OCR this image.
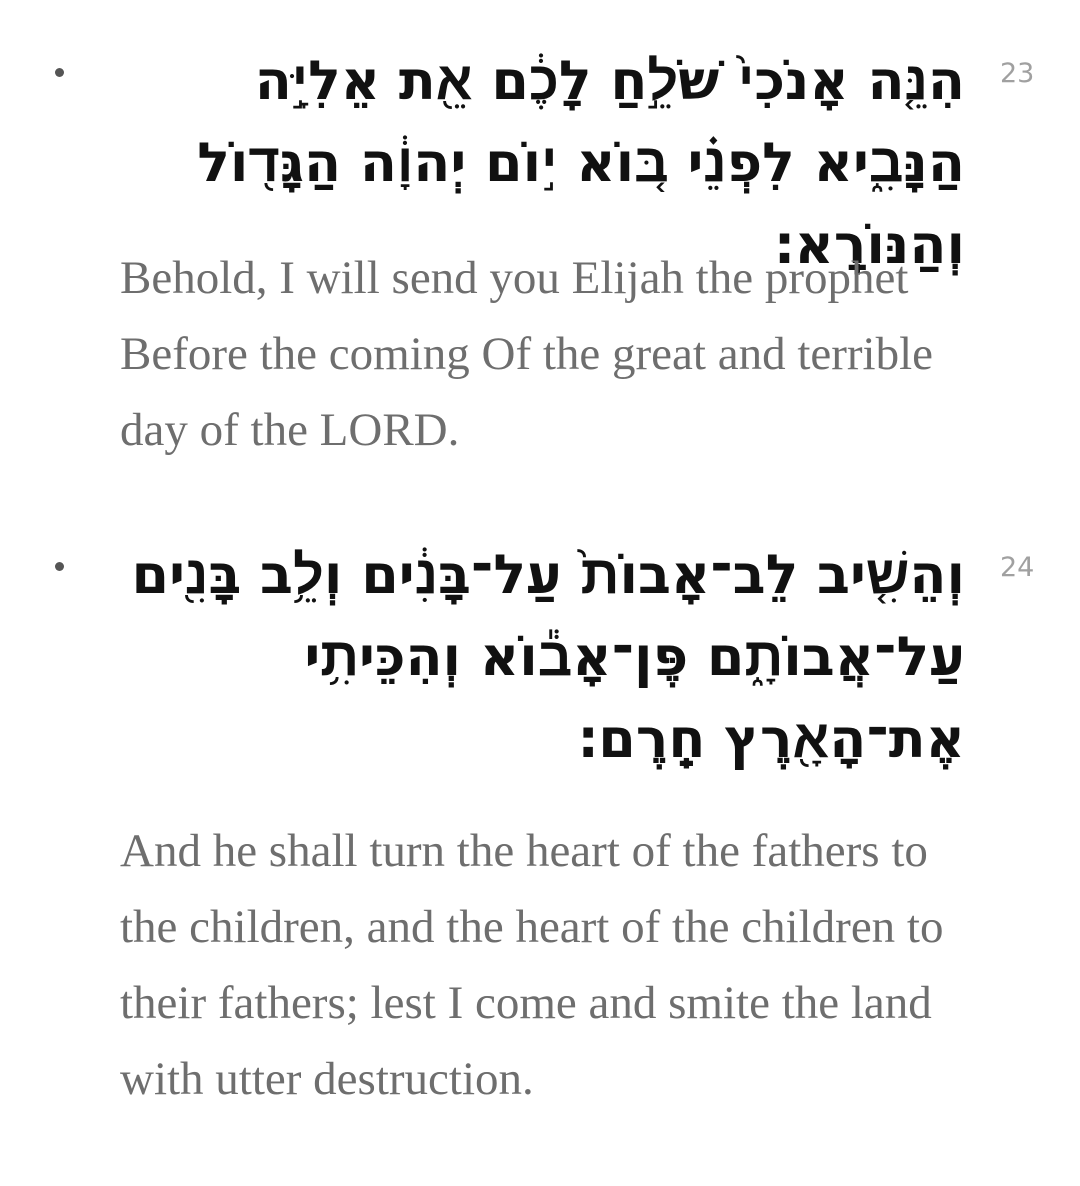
הִנֵּ֤ה אָנֹכִי֙ שֹׁלֵ֣חַ לָכֶ֔ם אֵ֖ת אֵלִיָּ֣ה הַנָּבִ֑יא לִפְנֵ֗י בּ֚וֹא י֣וֹם יְהוָ֔ה הַגָּד֖וֹל וְהַנּוֹרָֽא׃
23
Behold, I will send you Elijah the prophet Before the coming Of the great and terrible day of the LORD.
וְהֵשִׁ֤יב לֵב־אָבוֹת֙ עַל־בָּנִ֔ים וְלֵ֥ב בָּנִ֖ים עַל־אֲבוֹתָ֑ם פֶּן־אָב֕וֹא וְהִכֵּיתִ֥י אֶת־הָאָ֖רֶץ חֵֽרֶם׃
24
And he shall turn the heart of the fathers to the children, and the heart of the children to their fathers; lest I come and smite the land with utter destruction.
